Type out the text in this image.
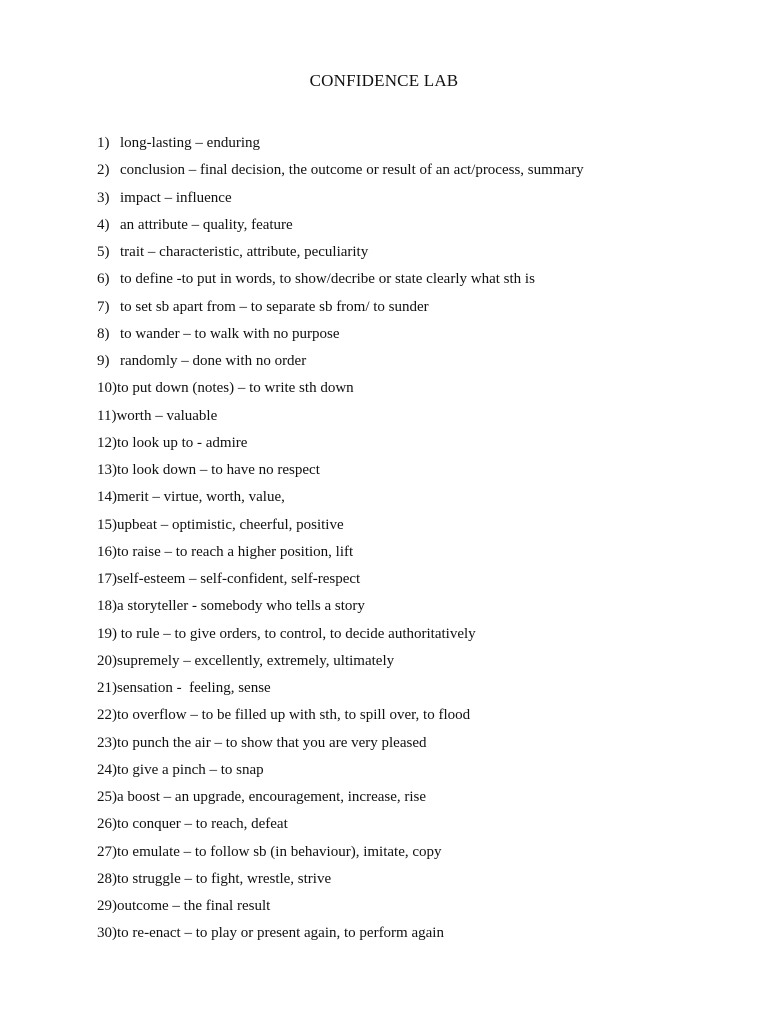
CONFIDENCE LAB
1) long-lasting – enduring
2) conclusion – final decision, the outcome or result of an act/process, summary
3) impact – influence
4) an attribute – quality, feature
5) trait – characteristic, attribute, peculiarity
6) to define -to put in words, to show/decribe or state clearly what sth is
7) to set sb apart from – to separate sb from/ to sunder
8) to wander – to walk with no purpose
9) randomly – done with no order
10) to put down (notes) – to write sth down
11) worth – valuable
12) to look up to - admire
13) to look down – to have no respect
14) merit – virtue, worth, value,
15) upbeat – optimistic, cheerful, positive
16) to raise – to reach a higher position, lift
17) self-esteem – self-confident, self-respect
18) a storyteller - somebody who tells a story
19) to rule – to give orders, to control, to decide authoritatively
20) supremely – excellently, extremely, ultimately
21) sensation -  feeling, sense
22) to overflow – to be filled up with sth, to spill over, to flood
23) to punch the air – to show that you are very pleased
24) to give a pinch – to snap
25) a boost – an upgrade, encouragement, increase, rise
26) to conquer – to reach, defeat
27) to emulate – to follow sb (in behaviour), imitate, copy
28) to struggle – to fight, wrestle, strive
29) outcome – the final result
30) to re-enact – to play or present again, to perform again
